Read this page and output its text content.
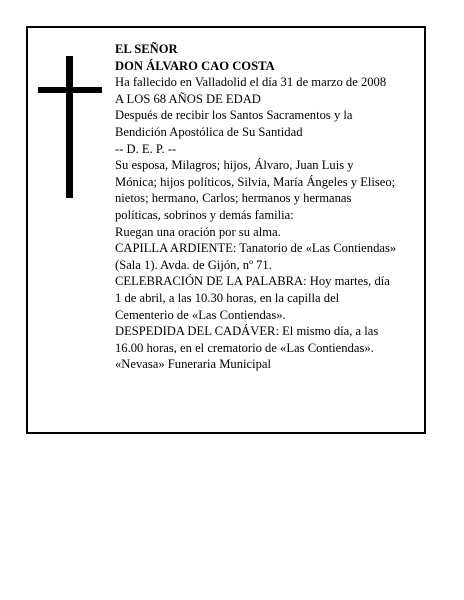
EL SEÑOR
DON ÁLVARO CAO COSTA
Ha fallecido en Valladolid el día 31 de marzo de 2008
A LOS 68 AÑOS DE EDAD
Después de recibir los Santos Sacramentos y la
Bendición Apostólica de Su Santidad
-- D. E. P. --
Su esposa, Milagros; hijos, Álvaro, Juan Luis y
Mónica; hijos políticos, Silvia, María Ángeles y Eliseo;
nietos; hermano, Carlos; hermanos y hermanas
políticas, sobrinos y demás familia:
Ruegan una oración por su alma.
CAPILLA ARDIENTE: Tanatorio de «Las Contiendas»
(Sala 1). Avda. de Gijón, nº 71.
CELEBRACIÓN DE LA PALABRA: Hoy martes, día
1 de abril, a las 10.30 horas, en la capilla del
Cementerio de «Las Contiendas».
DESPEDIDA DEL CADÁVER: El mismo día, a las
16.00 horas, en el crematorio de «Las Contiendas».
«Nevasa» Funeraria Municipal
